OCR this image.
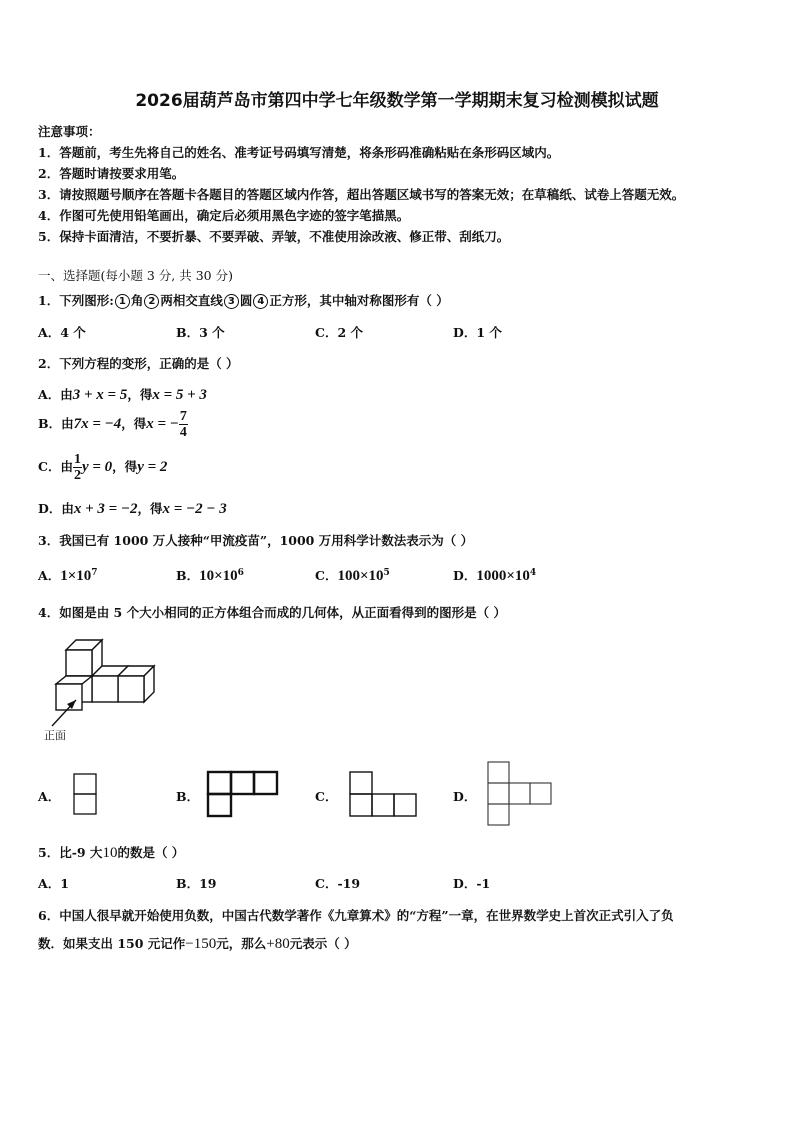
2026届葫芦岛市第四中学七年级数学第一学期期末复习检测模拟试题
注意事项：
1．答题前，考生先将自己的姓名、准考证号码填写清楚，将条形码准确粘贴在条形码区域内。
2．答题时请按要求用笔。
3．请按照题号顺序在答题卡各题目的答题区域内作答，超出答题区域书写的答案无效；在草稿纸、试卷上答题无效。
4．作图可先使用铅笔画出，确定后必须用黑色字迹的签字笔描黑。
5．保持卡面清洁，不要折暴、不要弄破、弄皱，不准使用涂改液、修正带、刮纸刀。
一、选择题(每小题 3 分, 共 30 分)
1．下列图形: 1 角 2 两相交直线 3 圆 4 正方形，其中轴对称图形有（ ）
A．4 个	B．3 个	C．2 个	D．1 个
2．下列方程的变形，正确的是（ ）
A．由3 + x = 5，得x = 5 + 3
B．由7x = −4，得x = − $\frac{7}{4}$
C．由 $\frac{1}{2}$ y = 0，得y = 2
D．由x + 3 = −2，得x = −2 − 3
3．我国已有 1000 万人接种“甲流疫苗”，1000 万用科学计数法表示为（ ）
A．$1\times 10^7$	B．$10\times 10^6$	C．$100\times 10^5$	D．$1000\times 10^4$
4．如图是由 5 个大小相同的正方体组合而成的几何体，从正面看得到的图形是（ ）
正面
A．	B．	C．	D．
5．比-9 大10的数是（ ）
A．1	B．19	C．-19	D．-1
6．中国人很早就开始使用负数，中国古代数学著作《九章算术》的“方程”一章，在世界数学史上首次正式引入了负
数．如果支出 150 元记作−150元，那么+80元表示（ ）
